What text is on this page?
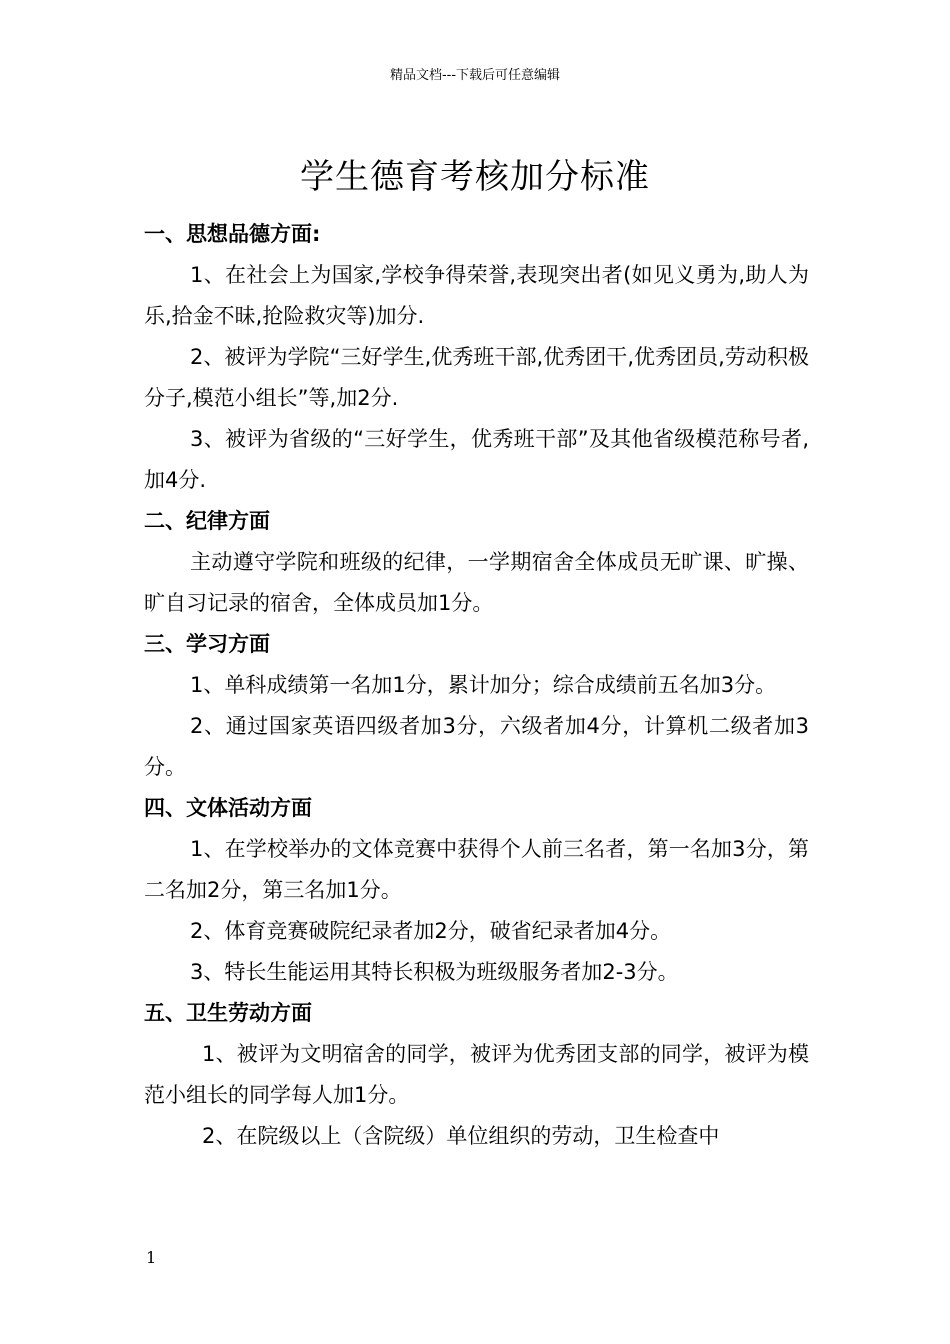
精品文档---下载后可任意编辑
学生德育考核加分标准

一、思想品德方面:

1、在社会上为国家,学校争得荣誉,表现突出者(如见义勇为,助人为乐,拾金不昧,抢险救灾等)加分.

2、被评为学院“三好学生,优秀班干部,优秀团干,优秀团员,劳动积极分子,模范小组长”等,加2分.

3、被评为省级的“三好学生，优秀班干部”及其他省级模范称号者,加4分.

二、纪律方面

主动遵守学院和班级的纪律，一学期宿舍全体成员无旷课、旷操、旷自习记录的宿舍，全体成员加1分。

三、学习方面

1、单科成绩第一名加1分，累计加分；综合成绩前五名加3分。

2、通过国家英语四级者加3分，六级者加4分，计算机二级者加3分。

四、文体活动方面

1、在学校举办的文体竞赛中获得个人前三名者，第一名加3分，第二名加2分，第三名加1分。

2、体育竞赛破院纪录者加2分，破省纪录者加4分。

3、特长生能运用其特长积极为班级服务者加2-3分。

五、卫生劳动方面

1、被评为文明宿舍的同学，被评为优秀团支部的同学，被评为模范小组长的同学每人加1分。

2、在院级以上（含院级）单位组织的劳动，卫生检查中

1
